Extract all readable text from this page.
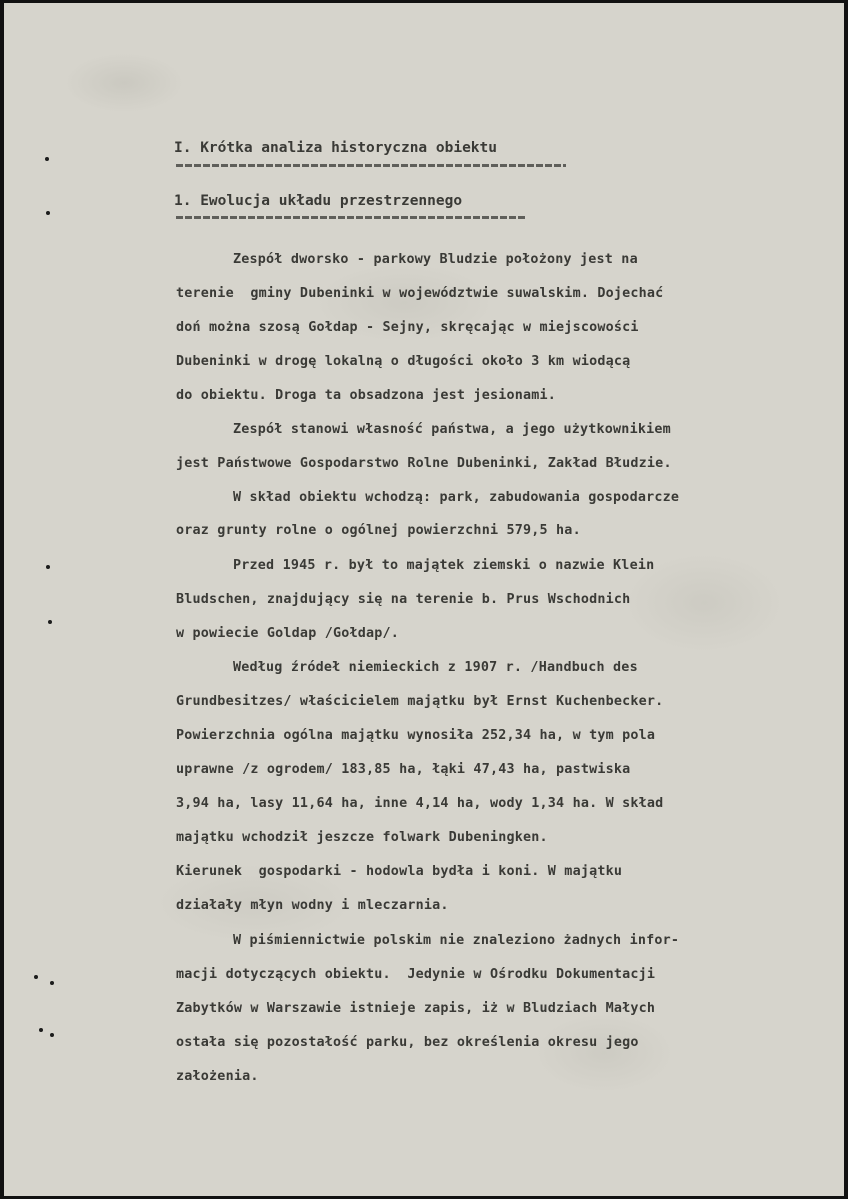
I. Krótka analiza historyczna obiektu
1. Ewolucja układu przestrzennego
Zespół dworsko - parkowy Bludzie położony jest na
terenie  gminy Dubeninki w województwie suwalskim. Dojechać
doń można szosą Gołdap - Sejny, skręcając w miejscowości
Dubeninki w drogę lokalną o długości około 3 km wiodącą
do obiektu. Droga ta obsadzona jest jesionami.
Zespół stanowi własność państwa, a jego użytkownikiem
jest Państwowe Gospodarstwo Rolne Dubeninki, Zakład Błudzie.
W skład obiektu wchodzą: park, zabudowania gospodarcze
oraz grunty rolne o ogólnej powierzchni 579,5 ha.
Przed 1945 r. był to majątek ziemski o nazwie Klein
Bludschen, znajdujący się na terenie b. Prus Wschodnich
w powiecie Goldap /Gołdap/.
Według źródeł niemieckich z 1907 r. /Handbuch des
Grundbesitzes/ właścicielem majątku był Ernst Kuchenbecker.
Powierzchnia ogólna majątku wynosiła 252,34 ha, w tym pola
uprawne /z ogrodem/ 183,85 ha, łąki 47,43 ha, pastwiska
3,94 ha, lasy 11,64 ha, inne 4,14 ha, wody 1,34 ha. W skład
majątku wchodził jeszcze folwark Dubeningken.
Kierunek  gospodarki - hodowla bydła i koni. W majątku
działały młyn wodny i mleczarnia.
W piśmiennictwie polskim nie znaleziono żadnych infor-
macji dotyczących obiektu.  Jedynie w Ośrodku Dokumentacji
Zabytków w Warszawie istnieje zapis, iż w Bludziach Małych
ostała się pozostałość parku, bez określenia okresu jego
założenia.
